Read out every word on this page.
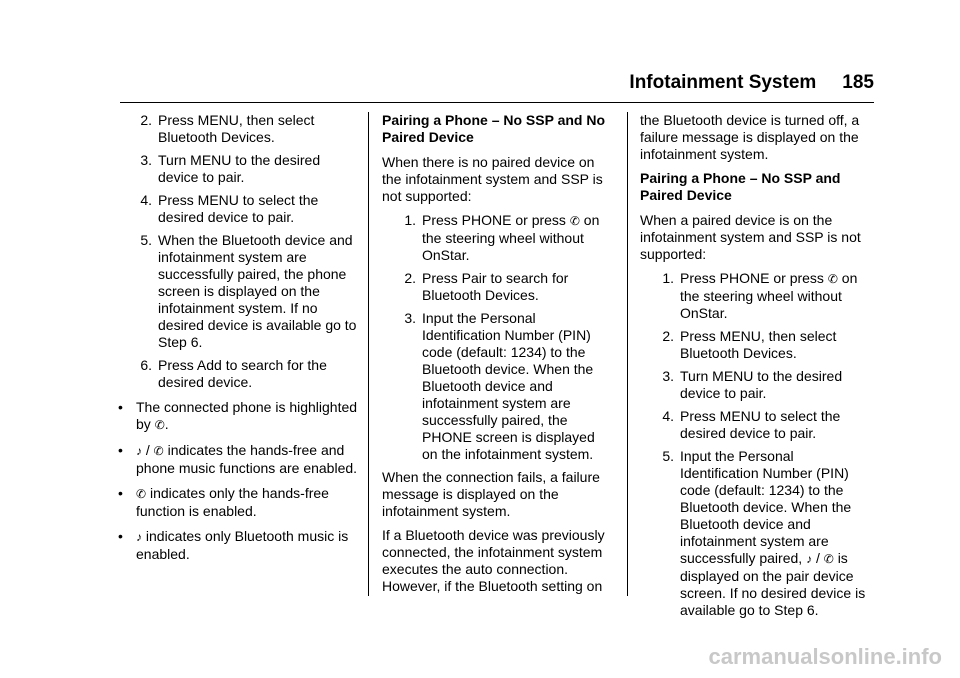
Infotainment System 185
2. Press MENU, then select Bluetooth Devices.
3. Turn MENU to the desired device to pair.
4. Press MENU to select the desired device to pair.
5. When the Bluetooth device and infotainment system are successfully paired, the phone screen is displayed on the infotainment system. If no desired device is available go to Step 6.
6. Press Add to search for the desired device.
• The connected phone is highlighted by ✆.
•	♪ / ✆ indicates the hands-free and phone music functions are enabled.
•	✆ indicates only the hands-free function is enabled.
•	♪ indicates only Bluetooth music is enabled.
Pairing a Phone – No SSP and No Paired Device
When there is no paired device on the infotainment system and SSP is not supported:
1. Press PHONE or press ✆ on the steering wheel without OnStar.
2. Press Pair to search for Bluetooth Devices.
3. Input the Personal Identification Number (PIN) code (default: 1234) to the Bluetooth device. When the Bluetooth device and infotainment system are successfully paired, the PHONE screen is displayed on the infotainment system.
When the connection fails, a failure message is displayed on the infotainment system.
If a Bluetooth device was previously connected, the infotainment system executes the auto connection. However, if the Bluetooth setting on
the Bluetooth device is turned off, a failure message is displayed on the infotainment system.
Pairing a Phone – No SSP and Paired Device
When a paired device is on the infotainment system and SSP is not supported:
1. Press PHONE or press ✆ on the steering wheel without OnStar.
2. Press MENU, then select Bluetooth Devices.
3. Turn MENU to the desired device to pair.
4. Press MENU to select the desired device to pair.
5. Input the Personal Identification Number (PIN) code (default: 1234) to the Bluetooth device. When the Bluetooth device and infotainment system are successfully paired, ♪ / ✆ is displayed on the pair device screen. If no desired device is available go to Step 6.
carmanualsonline.info
